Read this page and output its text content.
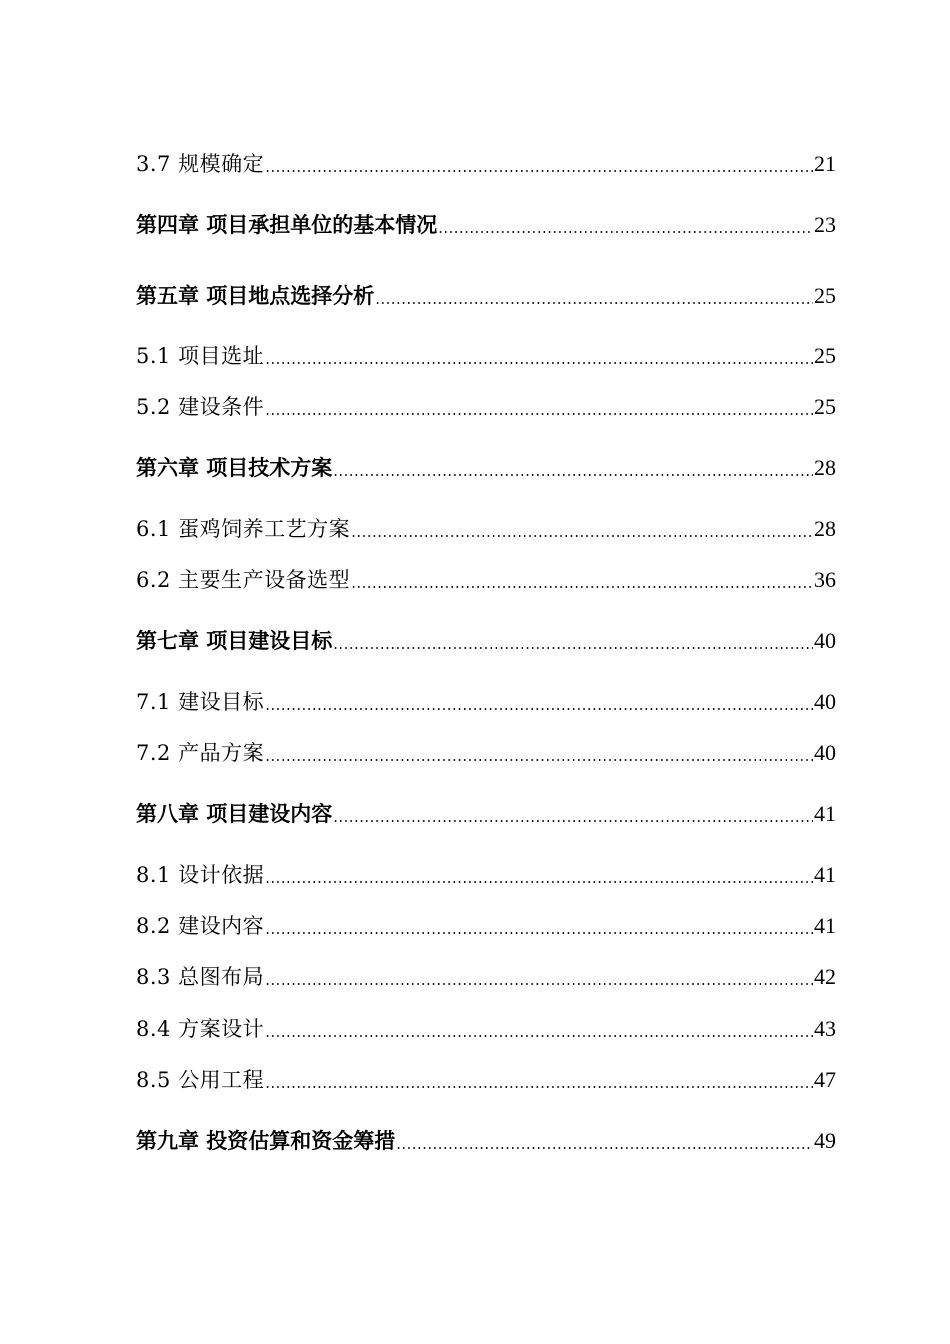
3.7 规模确定	21
第四章 项目承担单位的基本情况	23
第五章 项目地点选择分析	25
5.1 项目选址	25
5.2 建设条件	25
第六章 项目技术方案	28
6.1 蛋鸡饲养工艺方案	28
6.2 主要生产设备选型	36
第七章 项目建设目标	40
7.1 建设目标	40
7.2 产品方案	40
第八章 项目建设内容	41
8.1 设计依据	41
8.2 建设内容	41
8.3 总图布局	42
8.4 方案设计	43
8.5 公用工程	47
第九章 投资估算和资金筹措	49
